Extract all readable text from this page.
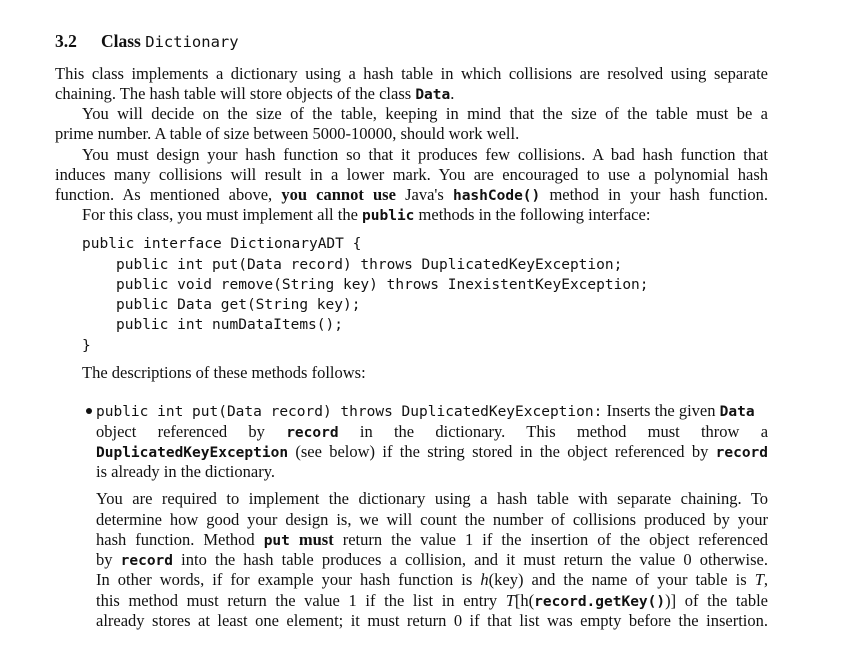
3.2 Class Dictionary
This class implements a dictionary using a hash table in which collisions are resolved using separate
chaining. The hash table will store objects of the class Data.
You will decide on the size of the table, keeping in mind that the size of the table must be a
prime number. A table of size between 5000-10000, should work well.
You must design your hash function so that it produces few collisions. A bad hash function that
induces many collisions will result in a lower mark. You are encouraged to use a polynomial hash
function. As mentioned above, you cannot use Java's hashCode() method in your hash function.
For this class, you must implement all the public methods in the following interface:
public interface DictionaryADT {
public int put(Data record) throws DuplicatedKeyException;
public void remove(String key) throws InexistentKeyException;
public Data get(String key);
public int numDataItems();
}
The descriptions of these methods follows:
public int put(Data record) throws DuplicatedKeyException: Inserts the given Data
object referenced by record in the dictionary. This method must throw a
DuplicatedKeyException (see below) if the string stored in the object referenced by record
is already in the dictionary.
You are required to implement the dictionary using a hash table with separate chaining. To
determine how good your design is, we will count the number of collisions produced by your
hash function. Method put must return the value 1 if the insertion of the object referenced
by record into the hash table produces a collision, and it must return the value 0 otherwise.
In other words, if for example your hash function is h(key) and the name of your table is T,
this method must return the value 1 if the list in entry T[h(record.getKey())] of the table
already stores at least one element; it must return 0 if that list was empty before the insertion.
